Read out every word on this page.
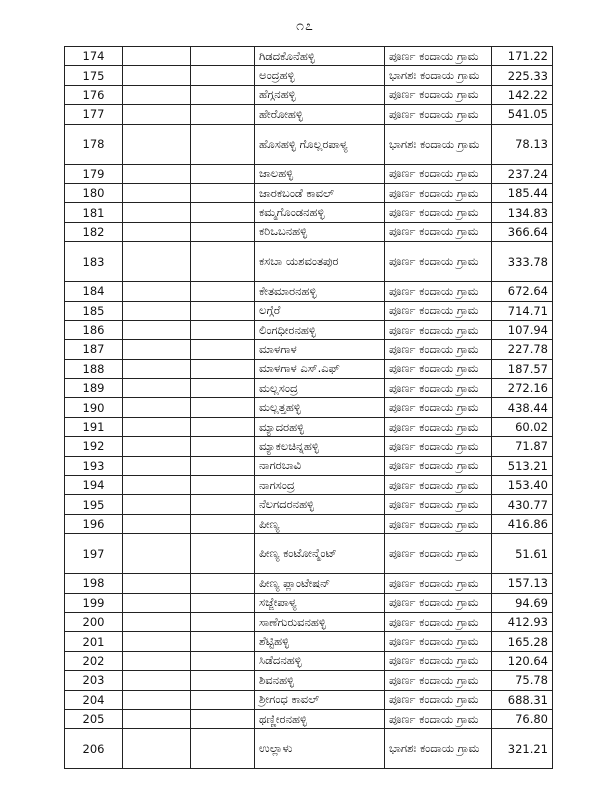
೧೭
174			ಗಿಡದಕೊನೆಹಳ್ಳಿ	ಪೂರ್ಣ ಕಂದಾಯ ಗ್ರಾಮ	171.22
175			ಅಂದ್ರಹಳ್ಳಿ	ಭಾಗಶಃ ಕಂದಾಯ ಗ್ರಾಮ	225.33
176			ಹೆಗ್ಗನಹಳ್ಳಿ	ಪೂರ್ಣ ಕಂದಾಯ ಗ್ರಾಮ	142.22
177			ಹೇರೋಹಳ್ಳಿ	ಪೂರ್ಣ ಕಂದಾಯ ಗ್ರಾಮ	541.05
178			ಹೊಸಹಳ್ಳಿ ಗೊಲ್ಲರಪಾಳ್ಯ	ಭಾಗಶಃ ಕಂದಾಯ ಗ್ರಾಮ	78.13
179			ಜಾಲಹಳ್ಳಿ	ಪೂರ್ಣ ಕಂದಾಯ ಗ್ರಾಮ	237.24
180			ಜಾರಕಬಂಡೆ ಕಾವಲ್	ಪೂರ್ಣ ಕಂದಾಯ ಗ್ರಾಮ	185.44
181			ಕಮ್ಮಗೊಂಡನಹಳ್ಳಿ	ಪೂರ್ಣ ಕಂದಾಯ ಗ್ರಾಮ	134.83
182			ಕರಿಒಬನಹಳ್ಳಿ	ಪೂರ್ಣ ಕಂದಾಯ ಗ್ರಾಮ	366.64
183			ಕಸಬಾ ಯಶವಂತಪುರ	ಪೂರ್ಣ ಕಂದಾಯ ಗ್ರಾಮ	333.78
184			ಕೇತಮಾರನಹಳ್ಳಿ	ಪೂರ್ಣ ಕಂದಾಯ ಗ್ರಾಮ	672.64
185			ಲಗ್ಗೆರೆ	ಪೂರ್ಣ ಕಂದಾಯ ಗ್ರಾಮ	714.71
186			ಲಿಂಗಧೀರನಹಳ್ಳಿ	ಪೂರ್ಣ ಕಂದಾಯ ಗ್ರಾಮ	107.94
187			ಮಾಳಗಾಳ	ಪೂರ್ಣ ಕಂದಾಯ ಗ್ರಾಮ	227.78
188			ಮಾಳಗಾಳ ಎಸ್.ಎಫ್	ಪೂರ್ಣ ಕಂದಾಯ ಗ್ರಾಮ	187.57
189			ಮಲ್ಲಸಂದ್ರ	ಪೂರ್ಣ ಕಂದಾಯ ಗ್ರಾಮ	272.16
190			ಮಲ್ಲತ್ತಹಳ್ಳಿ	ಪೂರ್ಣ ಕಂದಾಯ ಗ್ರಾಮ	438.44
191			ಮ್ಯಾದರಹಳ್ಳಿ	ಪೂರ್ಣ ಕಂದಾಯ ಗ್ರಾಮ	60.02
192			ಮ್ಯಾಕಲಚಿನ್ನಹಳ್ಳಿ	ಪೂರ್ಣ ಕಂದಾಯ ಗ್ರಾಮ	71.87
193			ನಾಗರಬಾವಿ	ಪೂರ್ಣ ಕಂದಾಯ ಗ್ರಾಮ	513.21
194			ನಾಗಸಂದ್ರ	ಪೂರ್ಣ ಕಂದಾಯ ಗ್ರಾಮ	153.40
195			ನೆಲಗದರನಹಳ್ಳಿ	ಪೂರ್ಣ ಕಂದಾಯ ಗ್ರಾಮ	430.77
196			ಪೀಣ್ಯ	ಪೂರ್ಣ ಕಂದಾಯ ಗ್ರಾಮ	416.86
197			ಪೀಣ್ಯ ಕಂಟೋನ್ಮೆಂಟ್	ಪೂರ್ಣ ಕಂದಾಯ ಗ್ರಾಮ	51.61
198			ಪೀಣ್ಯ ಪ್ಲಾಂಟೇಷನ್	ಪೂರ್ಣ ಕಂದಾಯ ಗ್ರಾಮ	157.13
199			ಸಜ್ಜೇಪಾಳ್ಯ	ಪೂರ್ಣ ಕಂದಾಯ ಗ್ರಾಮ	94.69
200			ಸಾಣೆಗುರುವನಹಳ್ಳಿ	ಪೂರ್ಣ ಕಂದಾಯ ಗ್ರಾಮ	412.93
201			ಶೆಟ್ಟಿಹಳ್ಳಿ	ಪೂರ್ಣ ಕಂದಾಯ ಗ್ರಾಮ	165.28
202			ಸಿಡೆದನಹಳ್ಳಿ	ಪೂರ್ಣ ಕಂದಾಯ ಗ್ರಾಮ	120.64
203			ಶಿವನಹಳ್ಳಿ	ಪೂರ್ಣ ಕಂದಾಯ ಗ್ರಾಮ	75.78
204			ಶ್ರೀಗಂಧ ಕಾವಲ್	ಪೂರ್ಣ ಕಂದಾಯ ಗ್ರಾಮ	688.31
205			ಥಣ್ಣೀರನಹಳ್ಳಿ	ಪೂರ್ಣ ಕಂದಾಯ ಗ್ರಾಮ	76.80
206			ಉಲ್ಲಾಳು	ಭಾಗಶಃ ಕಂದಾಯ ಗ್ರಾಮ	321.21
